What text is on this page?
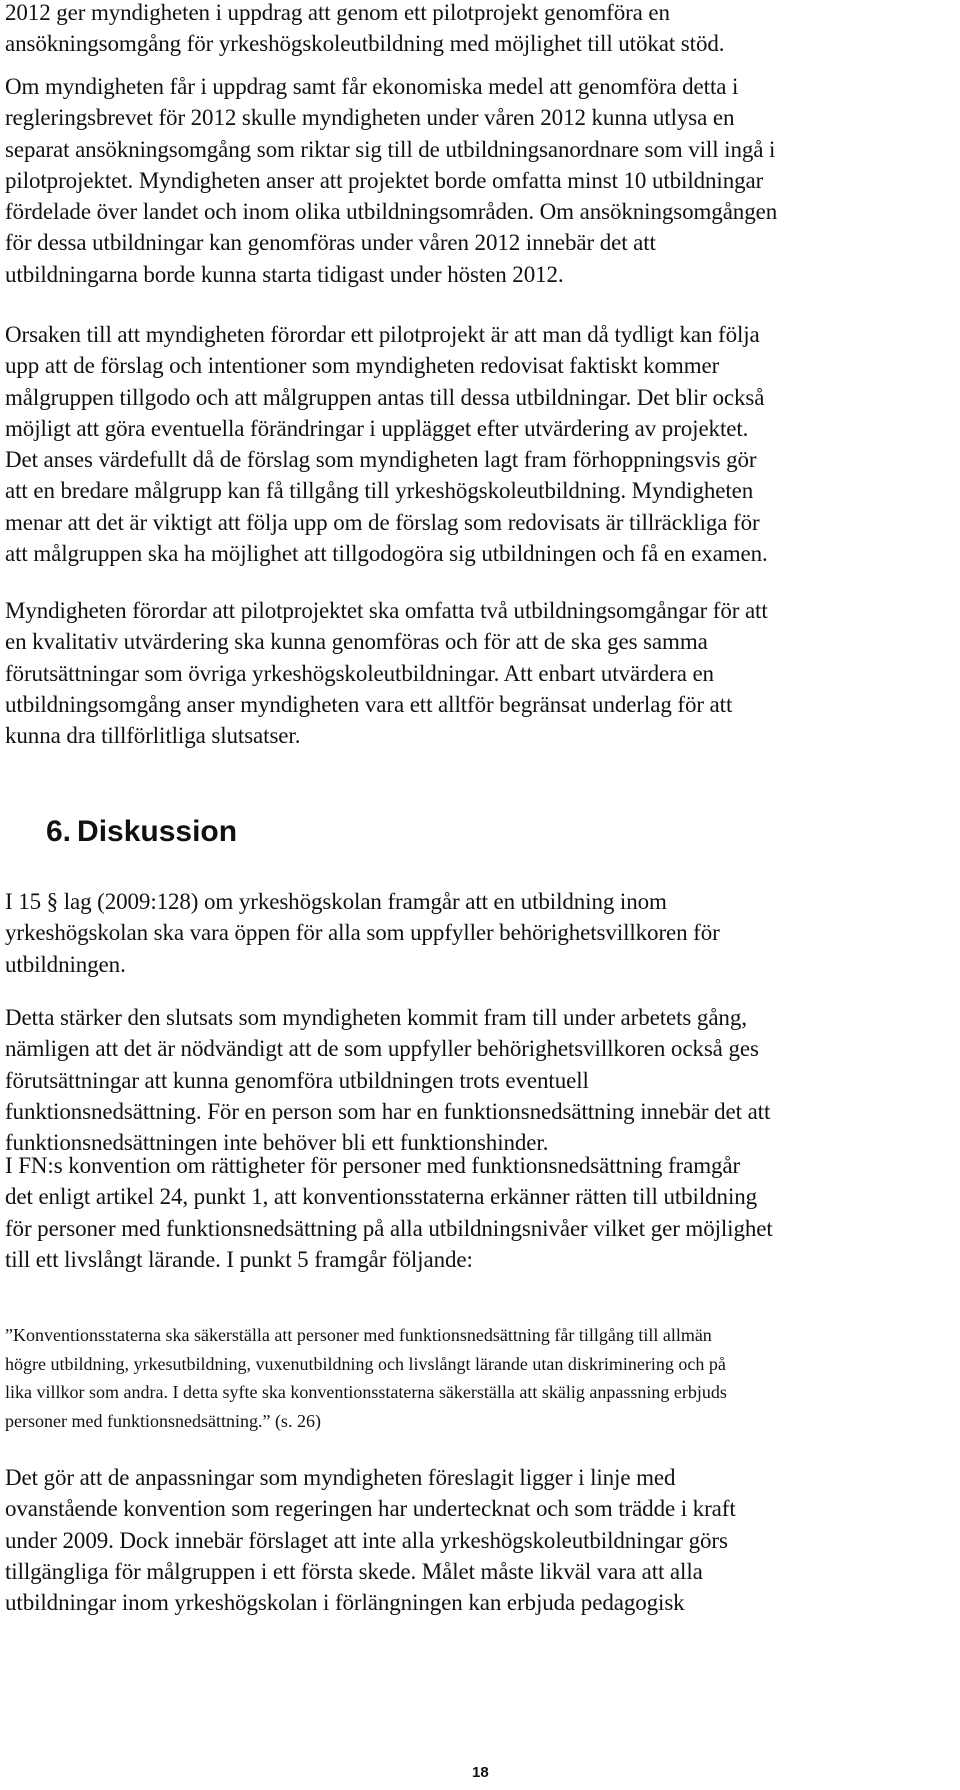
2012 ger myndigheten i uppdrag att genom ett pilotprojekt genomföra en
ansökningsomgång för yrkeshögskoleutbildning med möjlighet till utökat stöd.

Om myndigheten får i uppdrag samt får ekonomiska medel att genomföra detta i
regleringsbrevet för 2012 skulle myndigheten under våren 2012 kunna utlysa en
separat ansökningsomgång som riktar sig till de utbildningsanordnare som vill ingå i
pilotprojektet. Myndigheten anser att projektet borde omfatta minst 10 utbildningar
fördelade över landet och inom olika utbildningsområden. Om ansökningsomgången
för dessa utbildningar kan genomföras under våren 2012 innebär det att
utbildningarna borde kunna starta tidigast under hösten 2012.

Orsaken till att myndigheten förordar ett pilotprojekt är att man då tydligt kan följa
upp att de förslag och intentioner som myndigheten redovisat faktiskt kommer
målgruppen tillgodo och att målgruppen antas till dessa utbildningar. Det blir också
möjligt att göra eventuella förändringar i upplägget efter utvärdering av projektet.
Det anses värdefullt då de förslag som myndigheten lagt fram förhoppningsvis gör
att en bredare målgrupp kan få tillgång till yrkeshögskoleutbildning. Myndigheten
menar att det är viktigt att följa upp om de förslag som redovisats är tillräckliga för
att målgruppen ska ha möjlighet att tillgodogöra sig utbildningen och få en examen.

Myndigheten förordar att pilotprojektet ska omfatta två utbildningsomgångar för att
en kvalitativ utvärdering ska kunna genomföras och för att de ska ges samma
förutsättningar som övriga yrkeshögskoleutbildningar. Att enbart utvärdera en
utbildningsomgång anser myndigheten vara ett alltför begränsat underlag för att
kunna dra tillförlitliga slutsatser.

6. Diskussion

I 15 § lag (2009:128) om yrkeshögskolan framgår att en utbildning inom
yrkeshögskolan ska vara öppen för alla som uppfyller behörighetsvillkoren för
utbildningen.

Detta stärker den slutsats som myndigheten kommit fram till under arbetets gång,
nämligen att det är nödvändigt att de som uppfyller behörighetsvillkoren också ges
förutsättningar att kunna genomföra utbildningen trots eventuell
funktionsnedsättning. För en person som har en funktionsnedsättning innebär det att
funktionsnedsättningen inte behöver bli ett funktionshinder.

I FN:s konvention om rättigheter för personer med funktionsnedsättning framgår
det enligt artikel 24, punkt 1, att konventionsstaterna erkänner rätten till utbildning
för personer med funktionsnedsättning på alla utbildningsnivåer vilket ger möjlighet
till ett livslångt lärande. I punkt 5 framgår följande:

”Konventionsstaterna ska säkerställa att personer med funktionsnedsättning får tillgång till allmän
högre utbildning, yrkesutbildning, vuxenutbildning och livslångt lärande utan diskriminering och på
lika villkor som andra. I detta syfte ska konventionsstaterna säkerställa att skälig anpassning erbjuds
personer med funktionsnedsättning.” (s. 26)

Det gör att de anpassningar som myndigheten föreslagit ligger i linje med
ovanstående konvention som regeringen har undertecknat och som trädde i kraft
under 2009. Dock innebär förslaget att inte alla yrkeshögskoleutbildningar görs
tillgängliga för målgruppen i ett första skede. Målet måste likväl vara att alla
utbildningar inom yrkeshögskolan i förlängningen kan erbjuda pedagogisk

18
